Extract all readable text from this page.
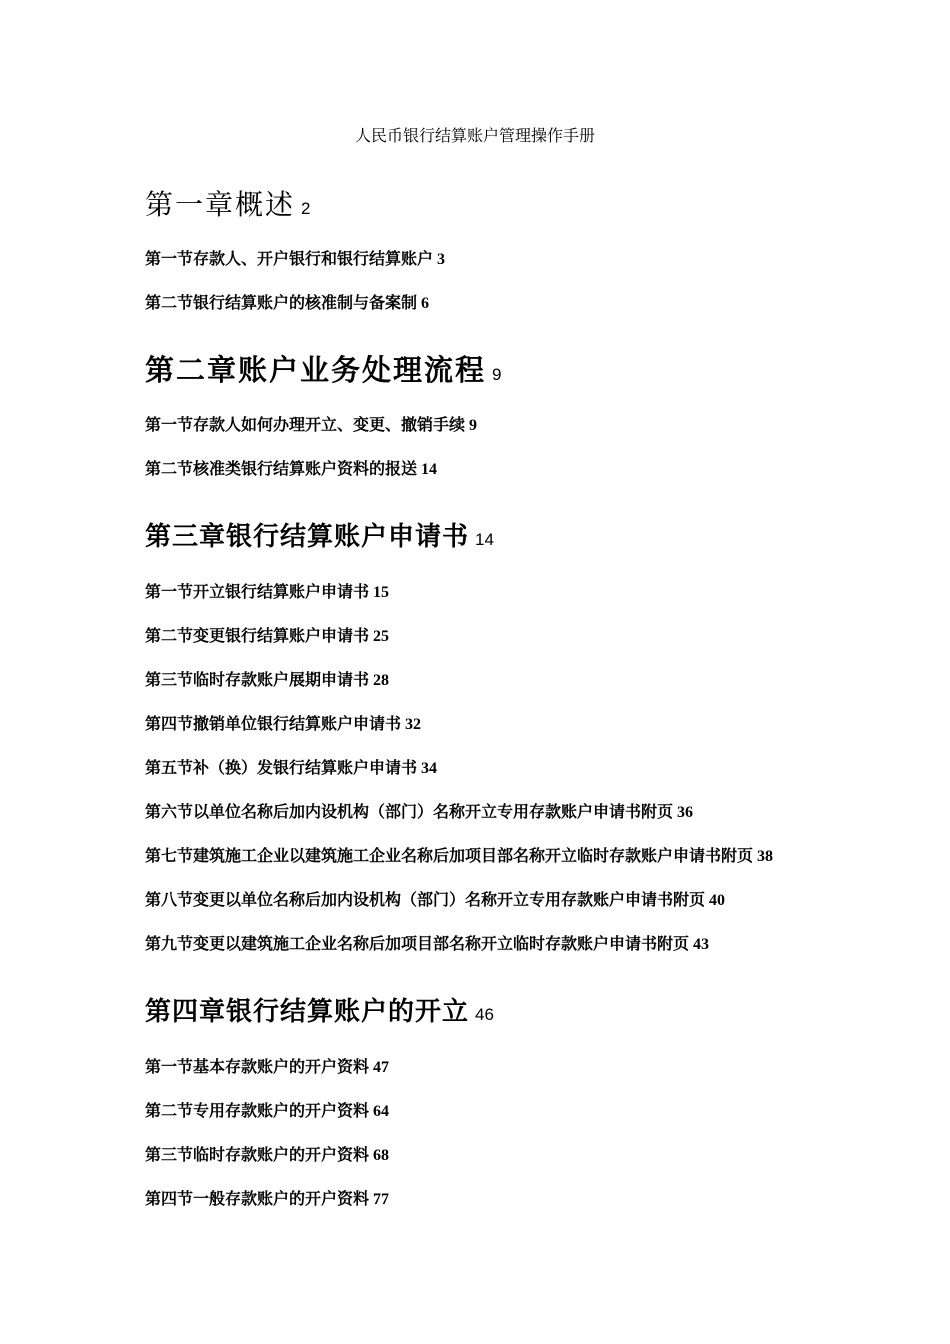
人民币银行结算账户管理操作手册
第一章概述 2
第一节存款人、开户银行和银行结算账户 3
第二节银行结算账户的核准制与备案制 6
第二章账户业务处理流程 9
第一节存款人如何办理开立、变更、撤销手续 9
第二节核准类银行结算账户资料的报送 14
第三章银行结算账户申请书 14
第一节开立银行结算账户申请书 15
第二节变更银行结算账户申请书 25
第三节临时存款账户展期申请书 28
第四节撤销单位银行结算账户申请书 32
第五节补（换）发银行结算账户申请书 34
第六节以单位名称后加内设机构（部门）名称开立专用存款账户申请书附页 36
第七节建筑施工企业以建筑施工企业名称后加项目部名称开立临时存款账户申请书附页 38
第八节变更以单位名称后加内设机构（部门）名称开立专用存款账户申请书附页 40
第九节变更以建筑施工企业名称后加项目部名称开立临时存款账户申请书附页 43
第四章银行结算账户的开立 46
第一节基本存款账户的开户资料 47
第二节专用存款账户的开户资料 64
第三节临时存款账户的开户资料 68
第四节一般存款账户的开户资料 77
